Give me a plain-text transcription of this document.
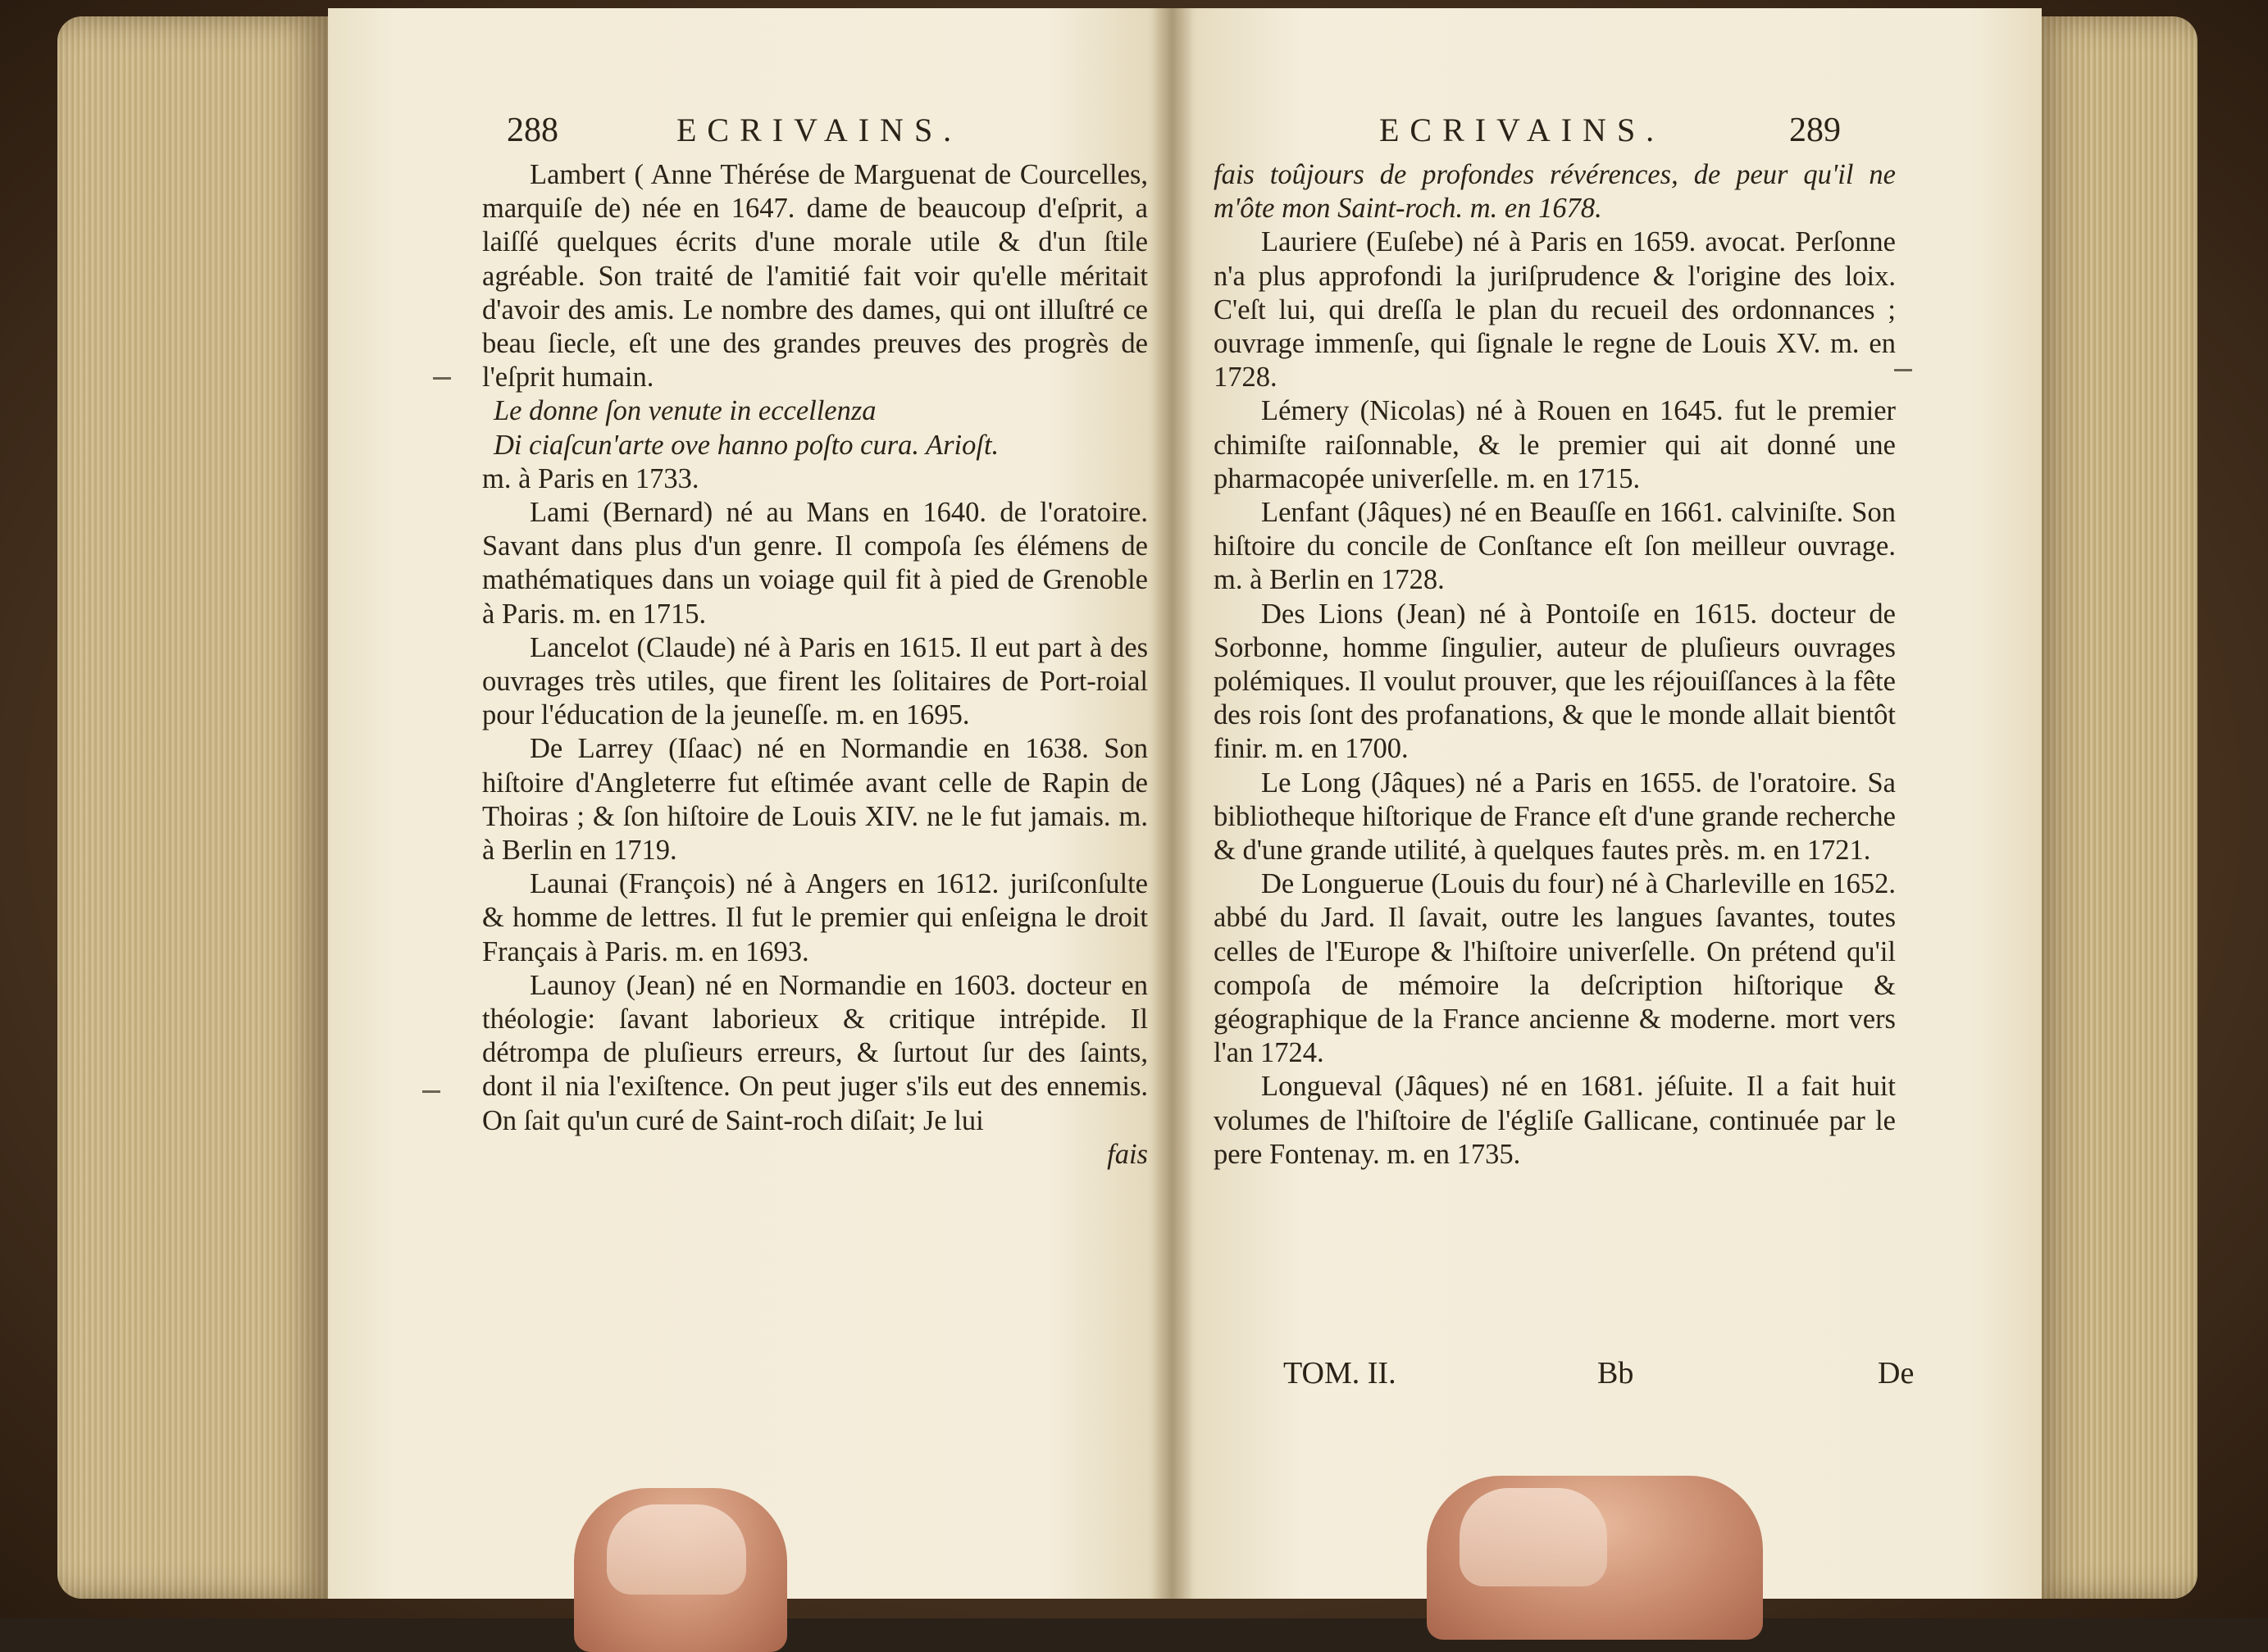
288	ECRIVAINS.	ECRIVAINS.	289

Lambert ( Anne Thérése de Marguenat de Courcelles, marquiſe de) née en 1647. dame de beaucoup d'eſprit, a laiſſé quelques écrits d'une morale utile & d'un ſtile agréable. Son traité de l'amitié fait voir qu'elle méritait d'avoir des amis. Le nombre des dames, qui ont illuſtré ce beau ſiecle, eſt une des grandes preuves des progrès de l'eſprit humain.

Le donne ſon venute in eccellenza

Di ciaſcun'arte ove hanno poſto cura. Arioſt.

m. à Paris en 1733.

Lami (Bernard) né au Mans en 1640. de l'oratoire. Savant dans plus d'un genre. Il compoſa ſes élémens de mathématiques dans un voiage quil fit à pied de Grenoble à Paris. m. en 1715.

Lancelot (Claude) né à Paris en 1615. Il eut part à des ouvrages très utiles, que firent les ſolitaires de Port-roial pour l'éducation de la jeuneſſe. m. en 1695.

De Larrey (Iſaac) né en Normandie en 1638. Son hiſtoire d'Angleterre fut eſtimée avant celle de Rapin de Thoiras ; & ſon hiſtoire de Louis XIV. ne le fut jamais. m. à Berlin en 1719.

Launai (François) né à Angers en 1612. juriſconſulte & homme de lettres. Il fut le premier qui enſeigna le droit Français à Paris. m. en 1693.

Launoy (Jean) né en Normandie en 1603. docteur en théologie: ſavant laborieux & critique intrépide. Il détrompa de pluſieurs erreurs, & ſurtout ſur des ſaints, dont il nia l'exiſtence. On peut juger s'ils eut des ennemis. On ſait qu'un curé de Saint-roch diſait; Je lui

fais

fais toûjours de profondes révérences, de peur qu'il ne m'ôte mon Saint-roch. m. en 1678.

Lauriere (Euſebe) né à Paris en 1659. avocat. Perſonne n'a plus approfondi la juriſprudence & l'origine des loix. C'eſt lui, qui dreſſa le plan du recueil des ordonnances ; ouvrage immenſe, qui ſignale le regne de Louis XV. m. en 1728.

Lémery (Nicolas) né à Rouen en 1645. fut le premier chimiſte raiſonnable, & le premier qui ait donné une pharmacopée univerſelle. m. en 1715.

Lenfant (Jâques) né en Beauſſe en 1661. calviniſte. Son hiſtoire du concile de Conſtance eſt ſon meilleur ouvrage. m. à Berlin en 1728.

Des Lions (Jean) né à Pontoiſe en 1615. docteur de Sorbonne, homme ſingulier, auteur de pluſieurs ouvrages polémiques. Il voulut prouver, que les réjouiſſances à la fête des rois ſont des profanations, & que le monde allait bientôt finir. m. en 1700.

Le Long (Jâques) né a Paris en 1655. de l'oratoire. Sa bibliotheque hiſtorique de France eſt d'une grande recherche & d'une grande utilité, à quelques fautes près. m. en 1721.

De Longuerue (Louis du four) né à Charleville en 1652. abbé du Jard. Il ſavait, outre les langues ſavantes, toutes celles de l'Europe & l'hiſtoire univerſelle. On prétend qu'il compoſa de mémoire la deſcription hiſtorique & géographique de la France ancienne & moderne. mort vers l'an 1724.

Longueval (Jâques) né en 1681. jéſuite. Il a fait huit volumes de l'hiſtoire de l'égliſe Gallicane, continuée par le pere Fontenay. m. en 1735.

TOM. II.	Bb	De
